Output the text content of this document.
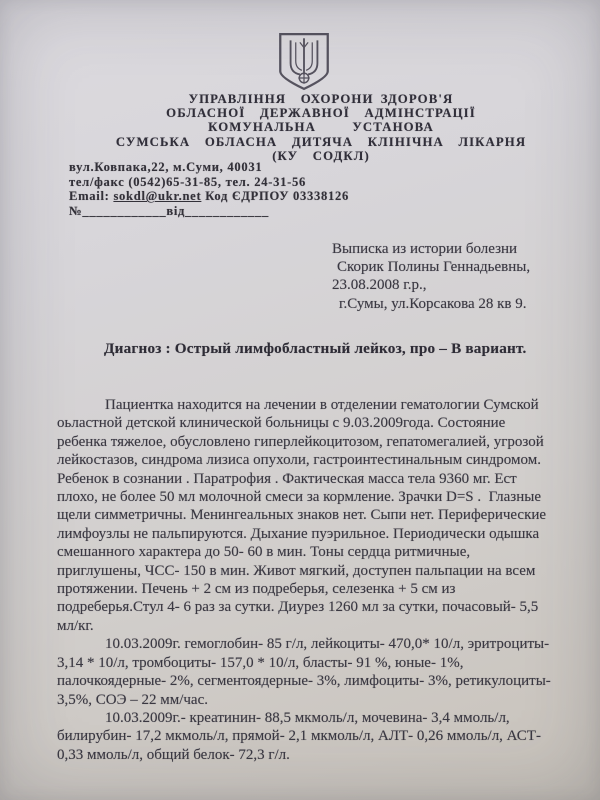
УПРАВЛІННЯ  ОХОРОНИ ЗДОРОВ'Я
ОБЛАСНОЇ  ДЕРЖАВНОЇ  АДМІНСТРАЦІЇ
КОМУНАЛЬНА     УСТАНОВА
СУМСЬКА  ОБЛАСНА  ДИТЯЧА  КЛІНІЧНА  ЛІКАРНЯ
(КУ  СОДКЛ)
вул.Ковпака,22, м.Суми, 40031
тел/факс (0542)65-31-85, тел. 24-31-56
Email: sokdl@ukr.net Код ЄДРПОУ 03338126
№____________від____________
Выписка из истории болезни
Скорик Полины Геннадьевны,
23.08.2008 г.р.,
г.Сумы, ул.Корсакова 28 кв 9.
Диагноз : Острый лимфобластный лейкоз, про – В вариант.
Пациентка находится на лечении в отделении гематологии Сумской
оьластной детской клинической больницы с 9.03.2009года. Состояние
ребенка тяжелое, обусловлено гиперлейкоцитозом, гепатомегалией, угрозой
лейкостазов, синдрома лизиса опухоли, гастроинтестинальным синдромом.
Ребенок в сознании . Паратрофия . Фактическая масса тела 9360 мг. Ест
плохо, не более 50 мл молочной смеси за кормление. Зрачки D=S .  Глазные
щели симметричны. Менингеальных знаков нет. Сыпи нет. Периферические
лимфоузлы не пальпируются. Дыхание пуэрильное. Периодически одышка
смешанного характера до 50- 60 в мин. Тоны сердца ритмичные,
приглушены, ЧСС- 150 в мин. Живот мягкий, доступен пальпации на всем
протяжении. Печень + 2 см из подреберья, селезенка + 5 см из
подреберья.Стул 4- 6 раз за сутки. Диурез 1260 мл за сутки, почасовый- 5,5
мл/кг.
10.03.2009г. гемоглобин- 85 г/л, лейкоциты- 470,0* 10/л, эритроциты-
3,14 * 10/л, тромбоциты- 157,0 * 10/л, бласты- 91 %, юные- 1%,
палочкоядерные- 2%, сегментоядерные- 3%, лимфоциты- 3%, ретикулоциты-
3,5%, СОЭ – 22 мм/час.
10.03.2009г.- креатинин- 88,5 мкмоль/л, мочевина- 3,4 ммоль/л,
билирубин- 17,2 мкмоль/л, прямой- 2,1 мкмоль/л, АЛТ- 0,26 ммоль/л, АСТ-
0,33 ммоль/л, общий белок- 72,3 г/л.
